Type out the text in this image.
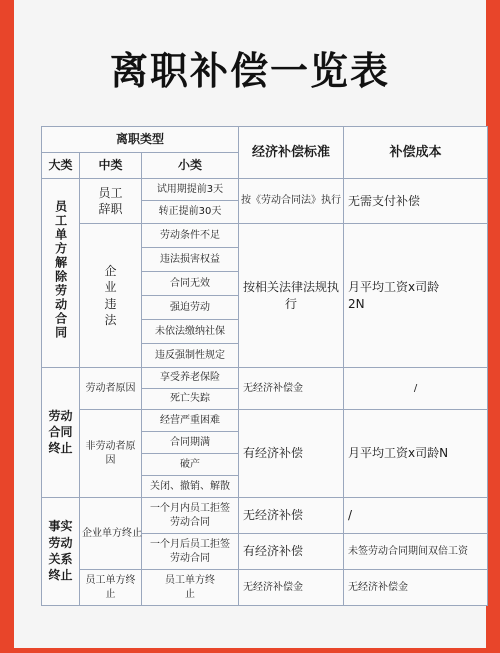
离职补偿一览表
离职类型			经济补偿标准	补偿成本
大类	中类	小类		
员工单方解除劳动合同	员工辞职	试用期提前3天	按《劳动合同法》执行	无需支付补偿
		转正提前30天		
	企业违法	劳动条件不足	按相关法律法规执行	月平均工资x司龄2N
		违法损害权益		
		合同无效		
		强迫劳动		
		未依法缴纳社保		
		违反强制性规定		
劳动合同终止	劳动者原因	享受养老保险	无经济补偿金	/
		死亡失踪		
	非劳动者原因	经营严重困难	有经济补偿	月平均工资x司龄N
		合同期满		
		破产		
		关闭、撤销、解散		
事实劳动关系终止	企业单方终止	一个月内员工拒签劳动合同	无经济补偿	/
		一个月后员工拒签劳动合同	有经济补偿	未签劳动合同期间双倍工资
	员工单方终止	员工单方终止	无经济补偿金	无经济补偿金
